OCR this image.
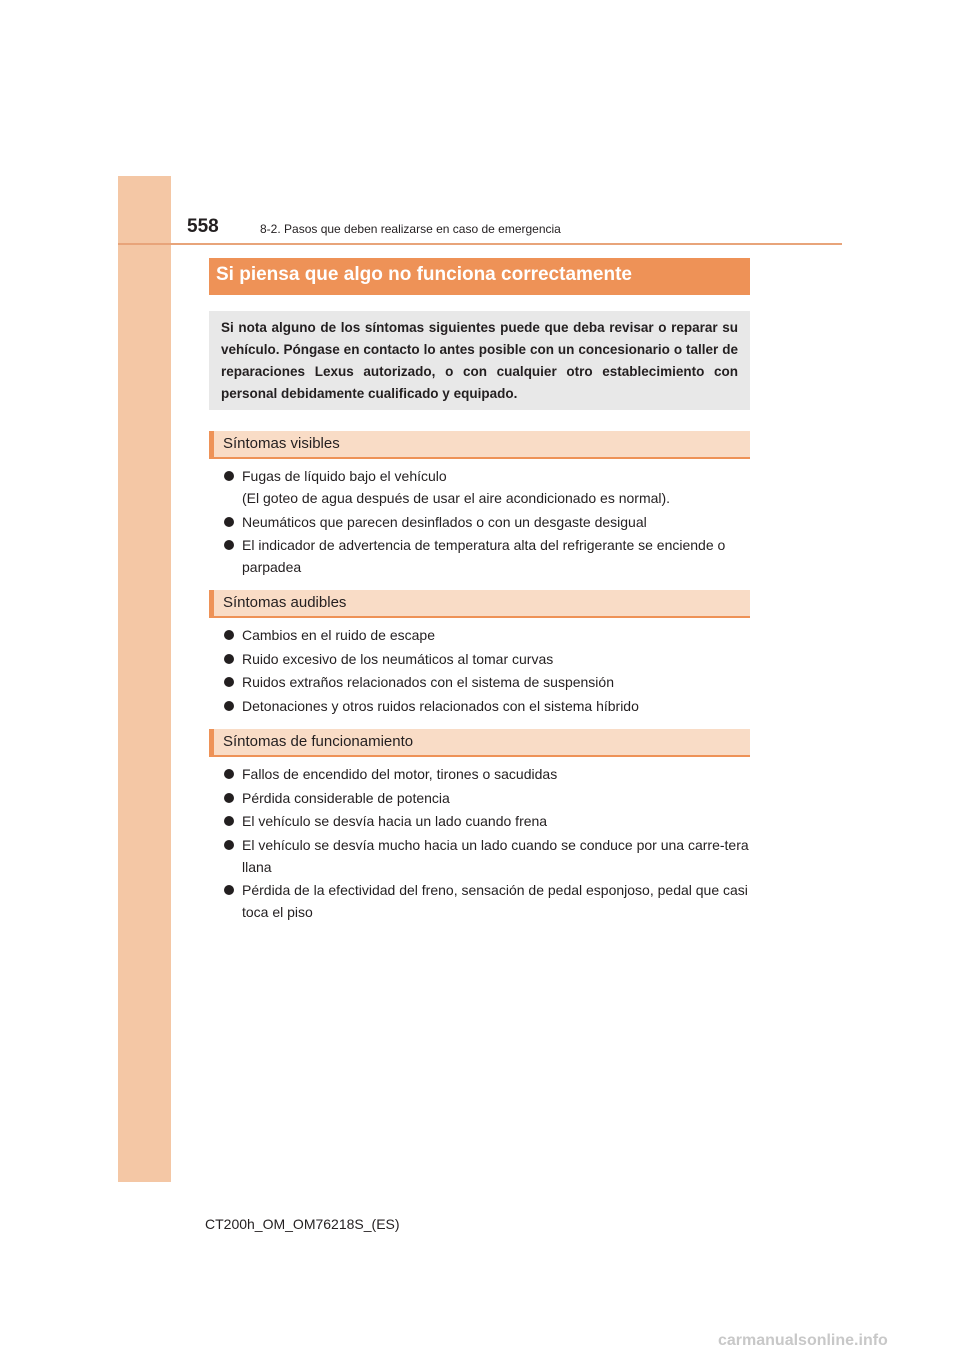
558	8-2. Pasos que deben realizarse en caso de emergencia
Si piensa que algo no funciona correctamente
Si nota alguno de los síntomas siguientes puede que deba revisar o reparar su vehículo. Póngase en contacto lo antes posible con un concesionario o taller de reparaciones Lexus autorizado, o con cualquier otro establecimiento con personal debidamente cualificado y equipado.
Síntomas visibles
Fugas de líquido bajo el vehículo
(El goteo de agua después de usar el aire acondicionado es normal).
Neumáticos que parecen desinflados o con un desgaste desigual
El indicador de advertencia de temperatura alta del refrigerante se enciende o parpadea
Síntomas audibles
Cambios en el ruido de escape
Ruido excesivo de los neumáticos al tomar curvas
Ruidos extraños relacionados con el sistema de suspensión
Detonaciones y otros ruidos relacionados con el sistema híbrido
Síntomas de funcionamiento
Fallos de encendido del motor, tirones o sacudidas
Pérdida considerable de potencia
El vehículo se desvía hacia un lado cuando frena
El vehículo se desvía mucho hacia un lado cuando se conduce por una carre-tera llana
Pérdida de la efectividad del freno, sensación de pedal esponjoso, pedal que casi toca el piso
CT200h_OM_OM76218S_(ES)
carmanualsonline.info
